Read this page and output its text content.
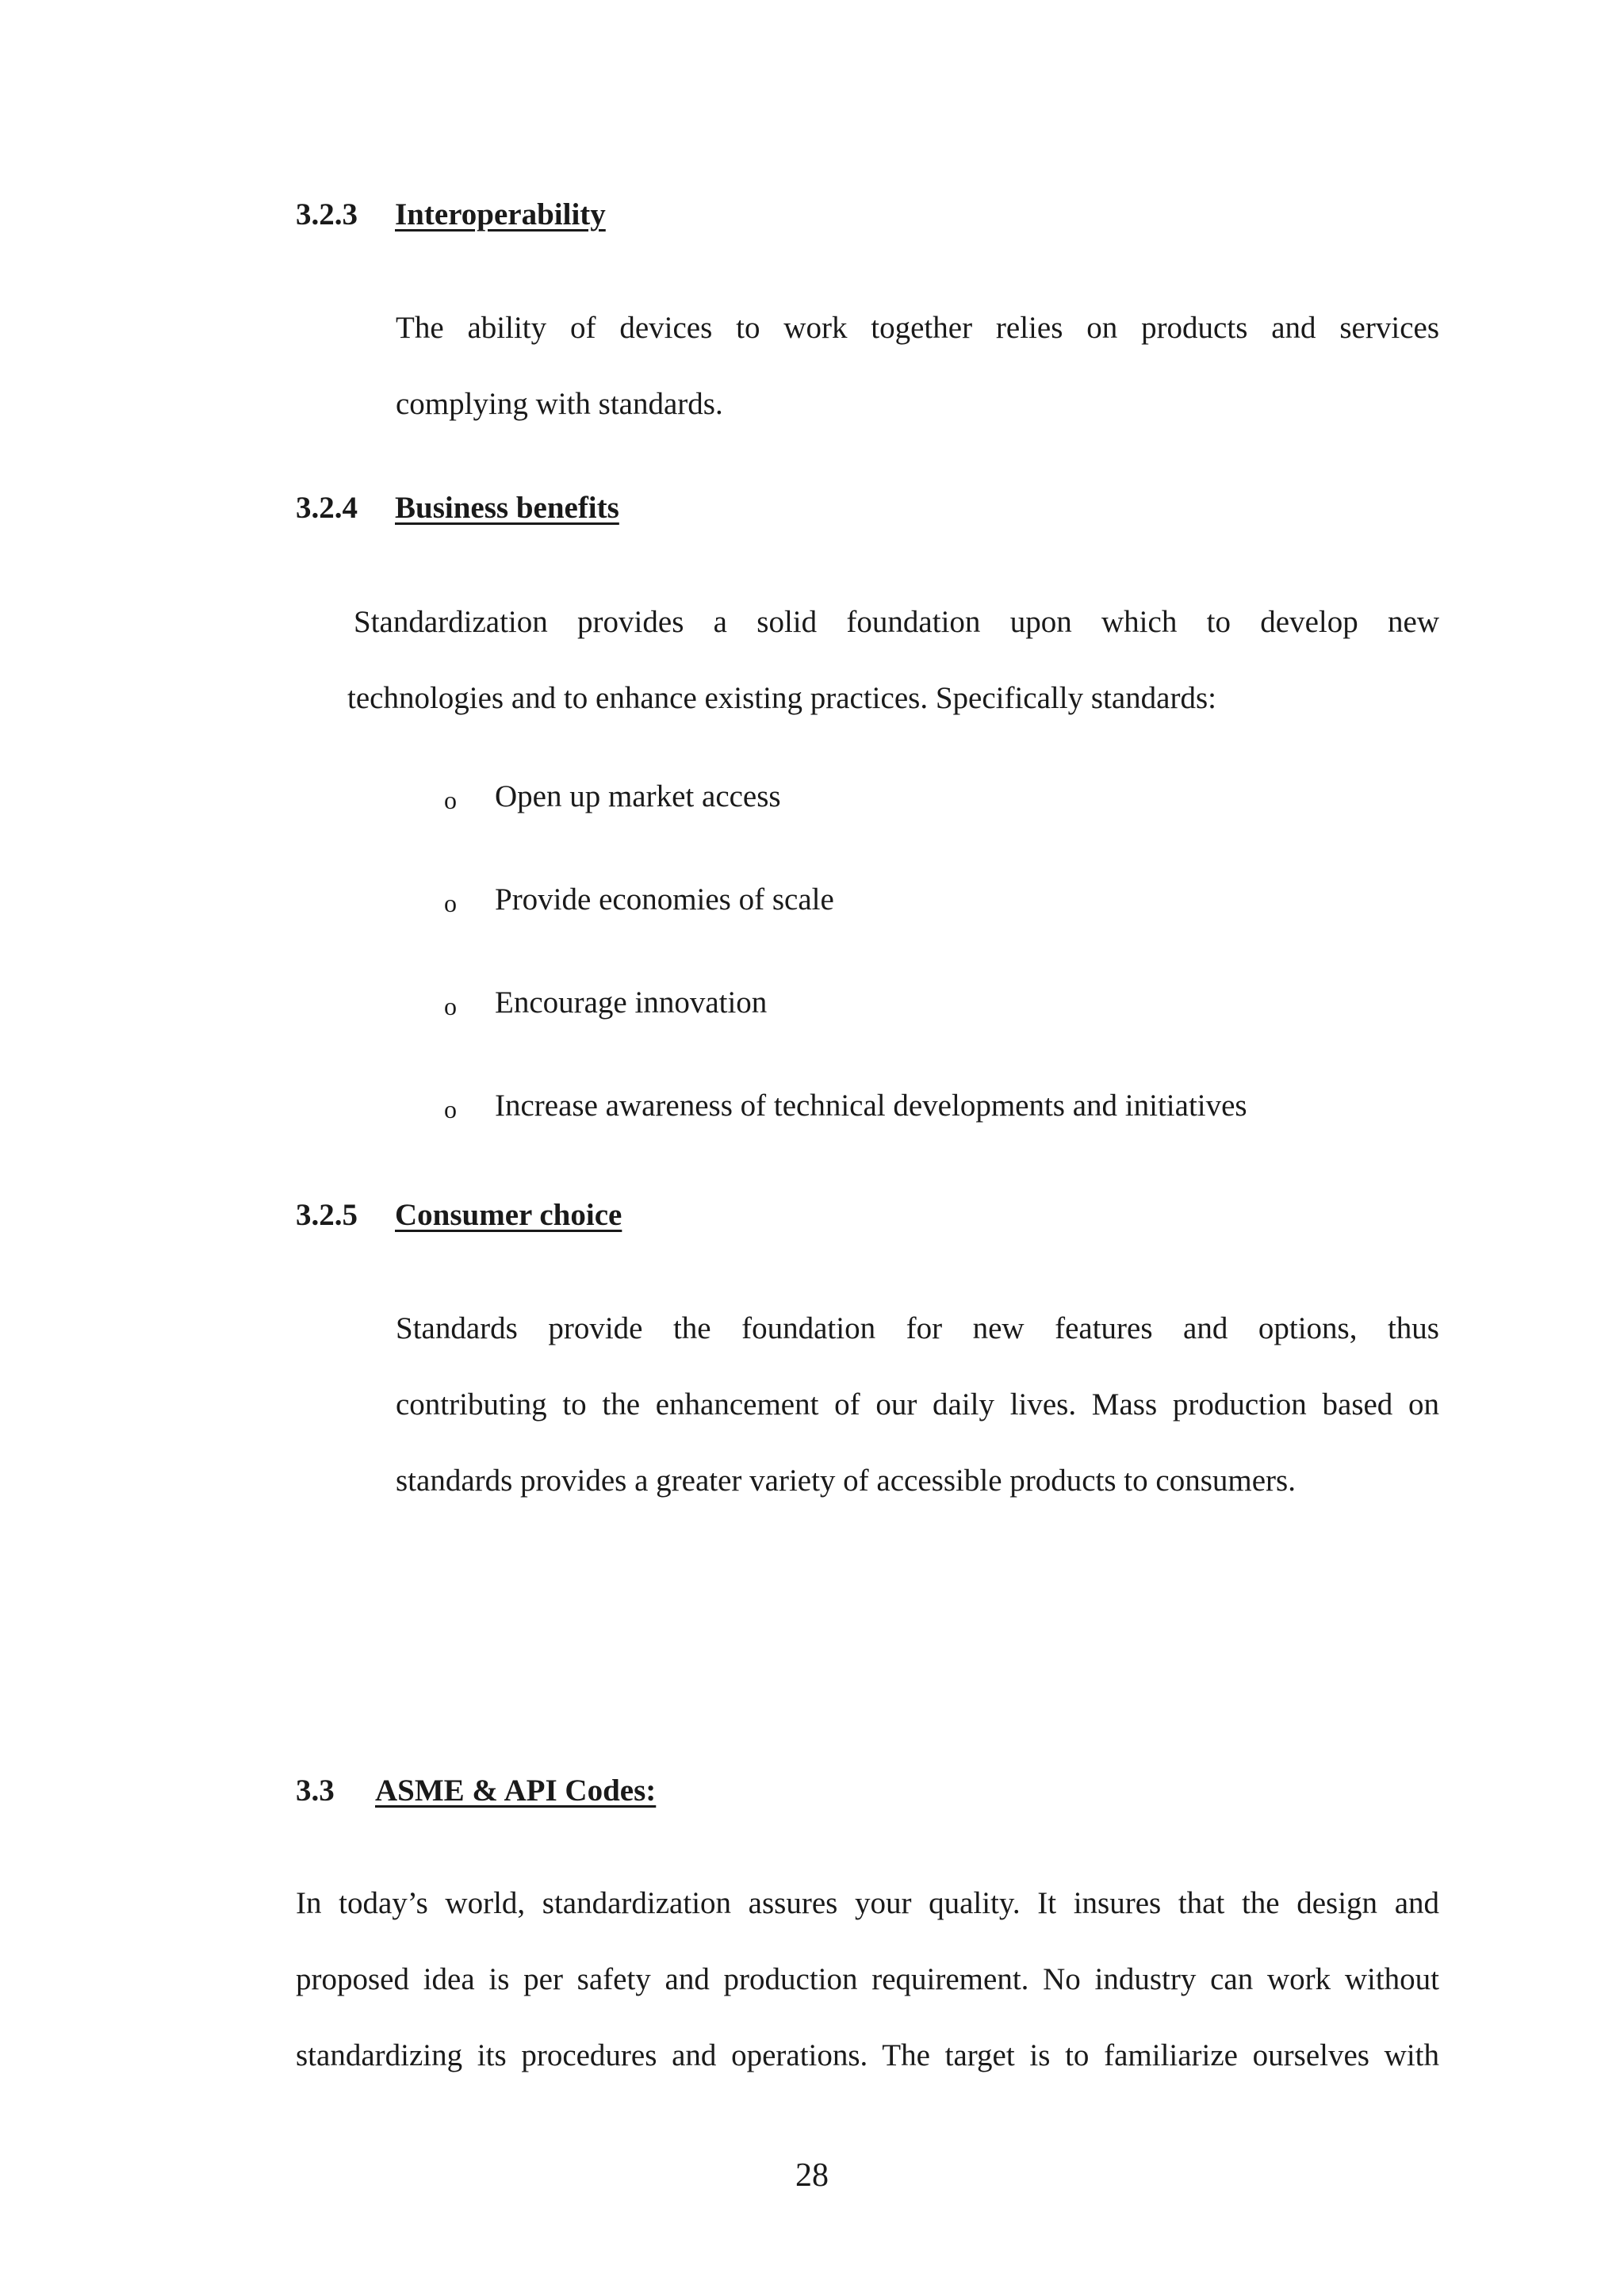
3.2.3 Interoperability
The ability of devices to work together relies on products and services
complying with standards.
3.2.4 Business benefits
Standardization provides a solid foundation upon which to develop new
technologies and to enhance existing practices. Specifically standards:
o Open up market access
o Provide economies of scale
o Encourage innovation
o Increase awareness of technical developments and initiatives
3.2.5 Consumer choice
Standards provide the foundation for new features and options, thus
contributing to the enhancement of our daily lives. Mass production based on
standards provides a greater variety of accessible products to consumers.
3.3 ASME & API Codes:
In today’s world, standardization assures your quality. It insures that the design and
proposed idea is per safety and production requirement. No industry can work without
standardizing its procedures and operations. The target is to familiarize ourselves with
28
